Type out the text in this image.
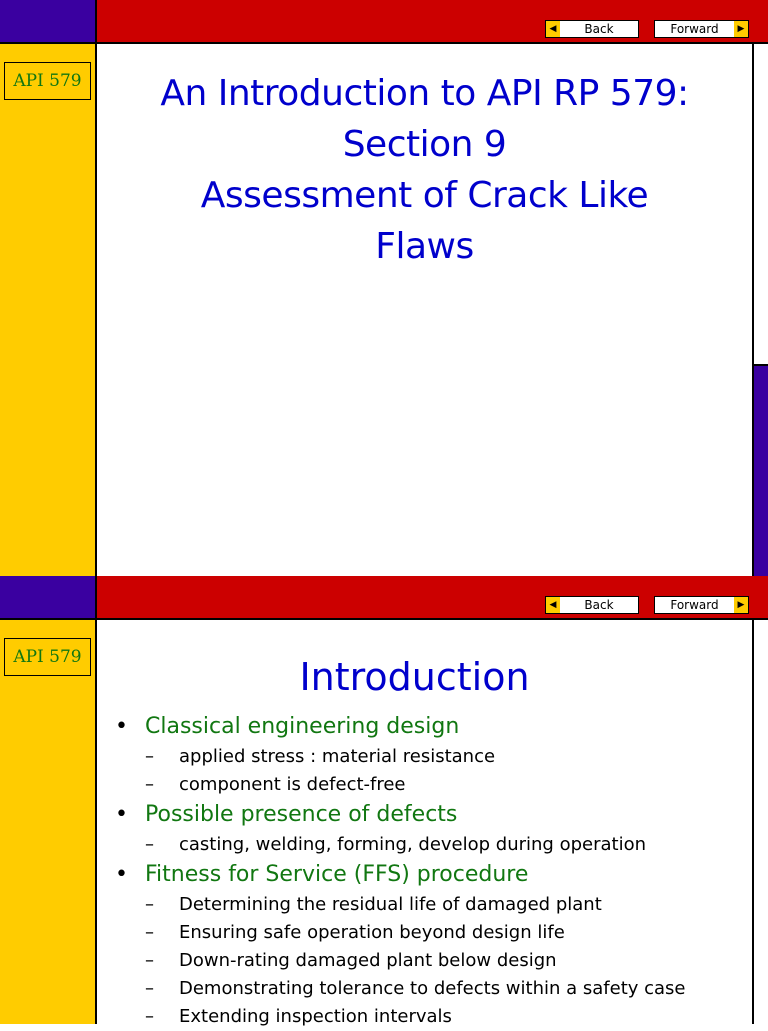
◀	Back	Forward	▶
API 579	An Introduction to API RP 579:
Section 9
Assessment of Crack Like
Flaws
◀	Back	Forward	▶
API 579	Introduction
• Classical engineering design
– applied stress : material resistance
– component is defect-free
• Possible presence of defects
– casting, welding, forming, develop during operation
• Fitness for Service (FFS) procedure
– Determining the residual life of damaged plant
– Ensuring safe operation beyond design life
– Down-rating damaged plant below design
– Demonstrating tolerance to defects within a safety case
– Extending inspection intervals
